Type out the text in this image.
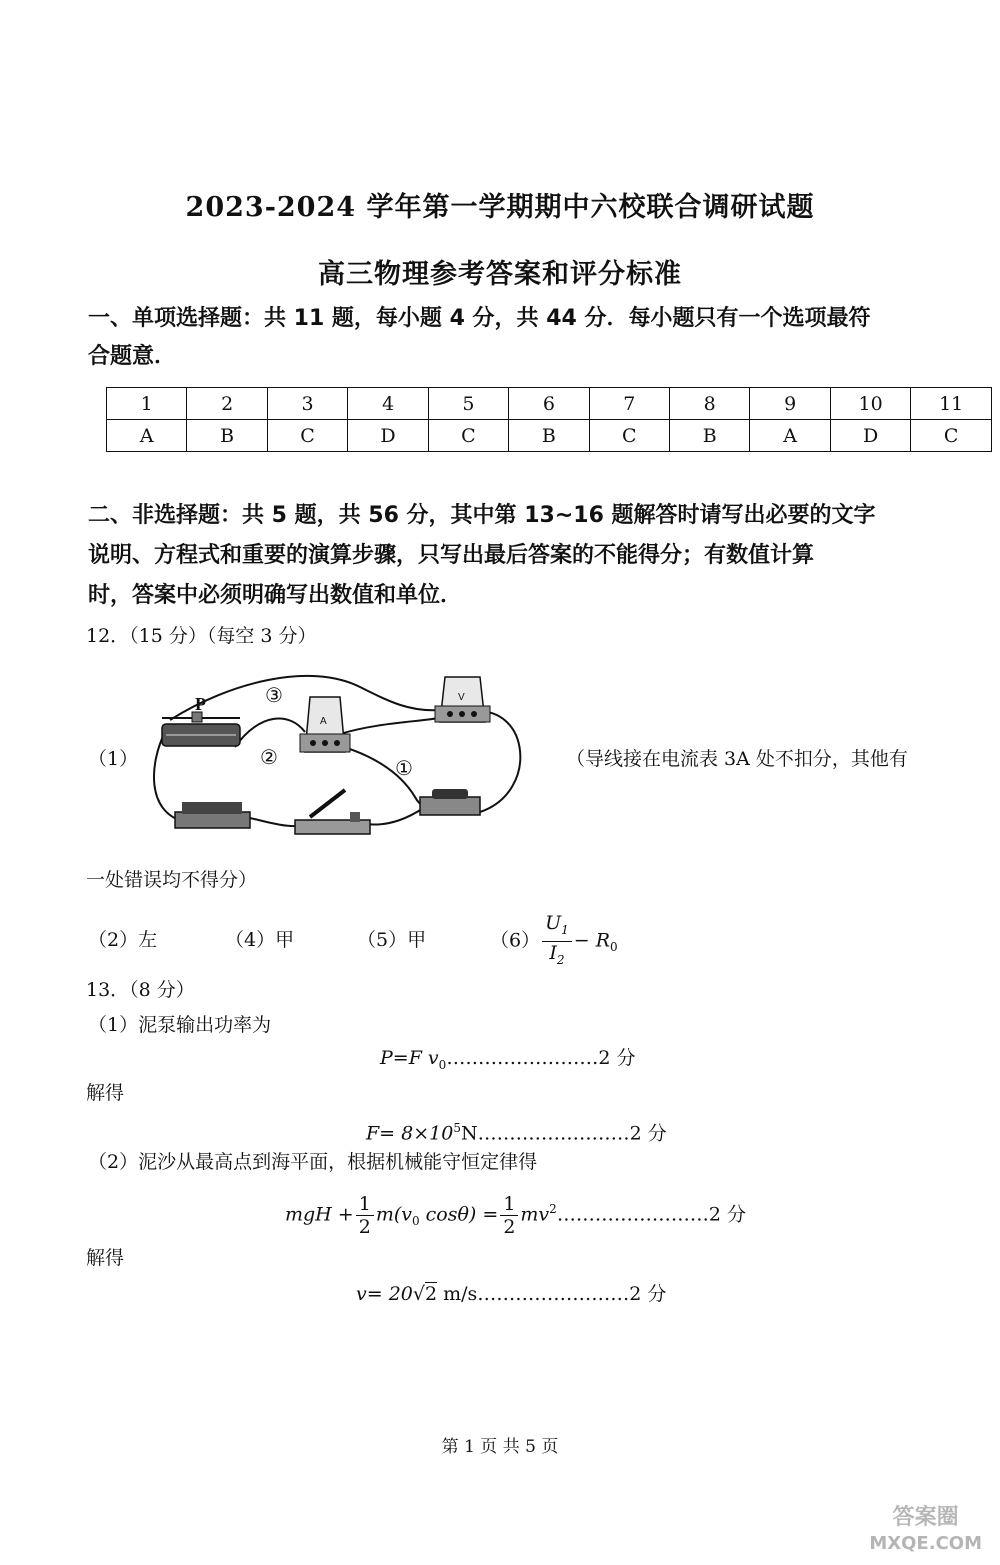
2023-2024 学年第一学期期中六校联合调研试题
高三物理参考答案和评分标准
一、单项选择题：共 11 题，每小题 4 分，共 44 分．每小题只有一个选项最符
合题意．
1	2	3	4	5	6	7	8	9	10	11
A	B	C	D	C	B	C	B	A	D	C
二、非选择题：共 5 题，共 56 分，其中第 13~16 题解答时请写出必要的文字
说明、方程式和重要的演算步骤，只写出最后答案的不能得分；有数值计算
时，答案中必须明确写出数值和单位．
12．（15 分）（每空 3 分）
（1）
P
A
V
③
②	①	（导线接在电流表 3A 处不扣分，其他有
一处错误均不得分）
（2）左	（4）甲	（5）甲	$(6) \frac{U_1}{I_2} - R_0$
13．（8 分）
（1）泥泵输出功率为
P=F $v_0\dots\dots\dots\dots\dots\dots\dots\dots 2$ 分
解得
$F= 8\times 10^5N\dots\dots\dots\dots\dots\dots\dots\dots 2$ 分
（2）泥沙从最高点到海平面，根据机械能守恒定律得
mgH + $\frac{1}{2} m(v_0$ $\cos\theta) = \frac{1}{2}$ $mv^2\dots\dots\dots\dots\dots\dots\dots\dots 2$ 分
解得
v= 20√2 m/s……………………2 分
第 1 页 共 5 页
答案圈
MXQE.COM
